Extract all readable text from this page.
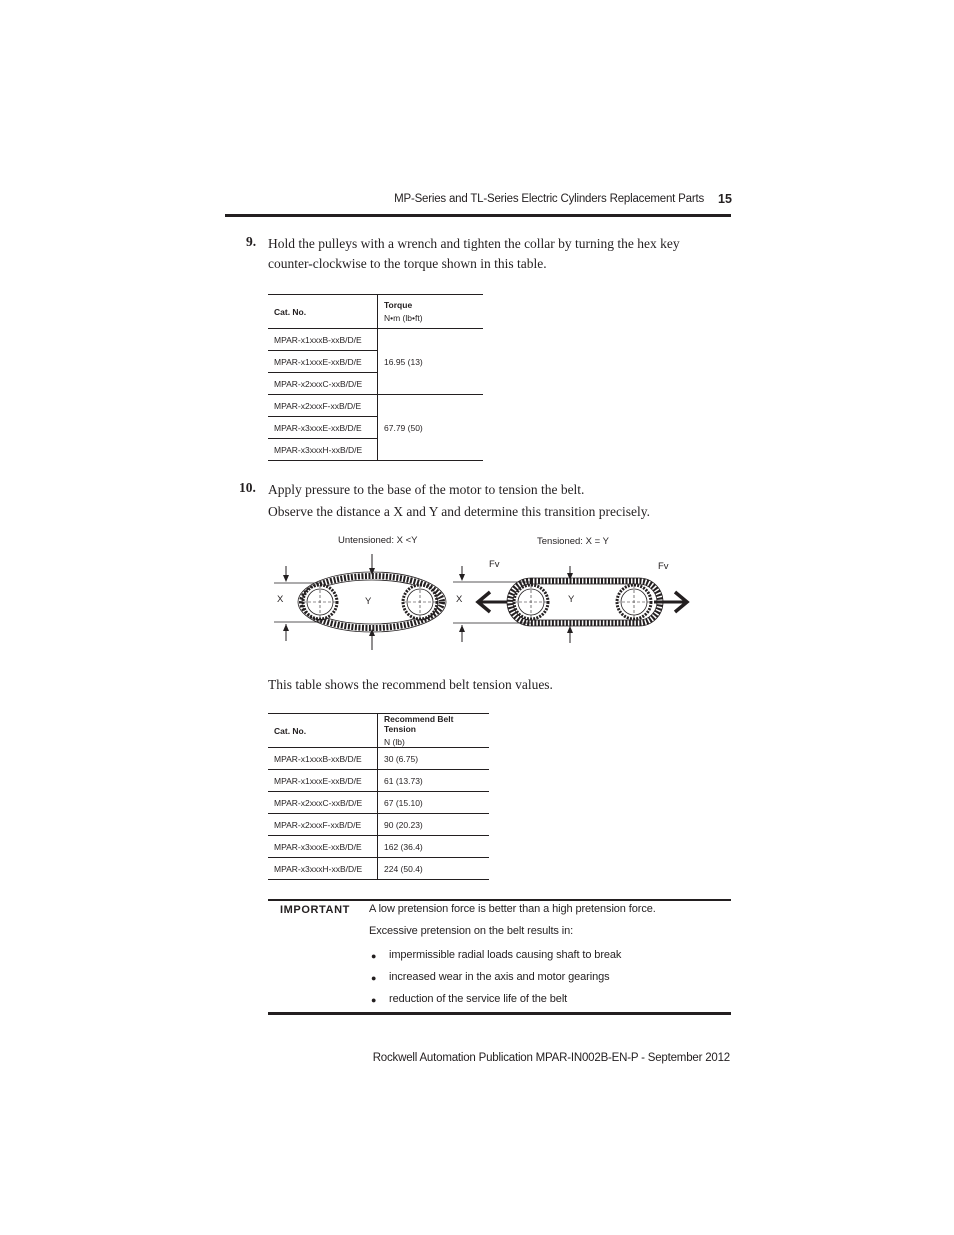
MP-Series and TL-Series Electric Cylinders Replacement Parts 15
9. Hold the pulleys with a wrench and tighten the collar by turning the hex key
counter-clockwise to the torque shown in this table.
Cat. No.	Torque
N•m (lb•ft)

MPAR-x1xxxB-xxB/D/E	16.95 (13)
MPAR-x1xxxE-xxB/D/E	
MPAR-x2xxxC-xxB/D/E	
MPAR-x2xxxF-xxB/D/E	67.79 (50)
MPAR-x3xxxE-xxB/D/E	
MPAR-x3xxxH-xxB/D/E	
10. Apply pressure to the base of the motor to tension the belt.
Observe the distance a X and Y and determine this transition precisely.
Untensioned: X <Y	Tensioned: X = Y
X	Y	X	Y
Fv	Fv
This table shows the recommend belt tension values.
Cat. No.	Recommend Belt Tension
N (lb)

MPAR-x1xxxB-xxB/D/E	30 (6.75)
MPAR-x1xxxE-xxB/D/E	61 (13.73)
MPAR-x2xxxC-xxB/D/E	67 (15.10)
MPAR-x2xxxF-xxB/D/E	90 (20.23)
MPAR-x3xxxE-xxB/D/E	162 (36.4)
MPAR-x3xxxH-xxB/D/E	224 (50.4)
IMPORTANT A low pretension force is better than a high pretension force.
Excessive pretension on the belt results in:
● impermissible radial loads causing shaft to break
● increased wear in the axis and motor gearings
● reduction of the service life of the belt
Rockwell Automation Publication MPAR-IN002B-EN-P - September 2012
